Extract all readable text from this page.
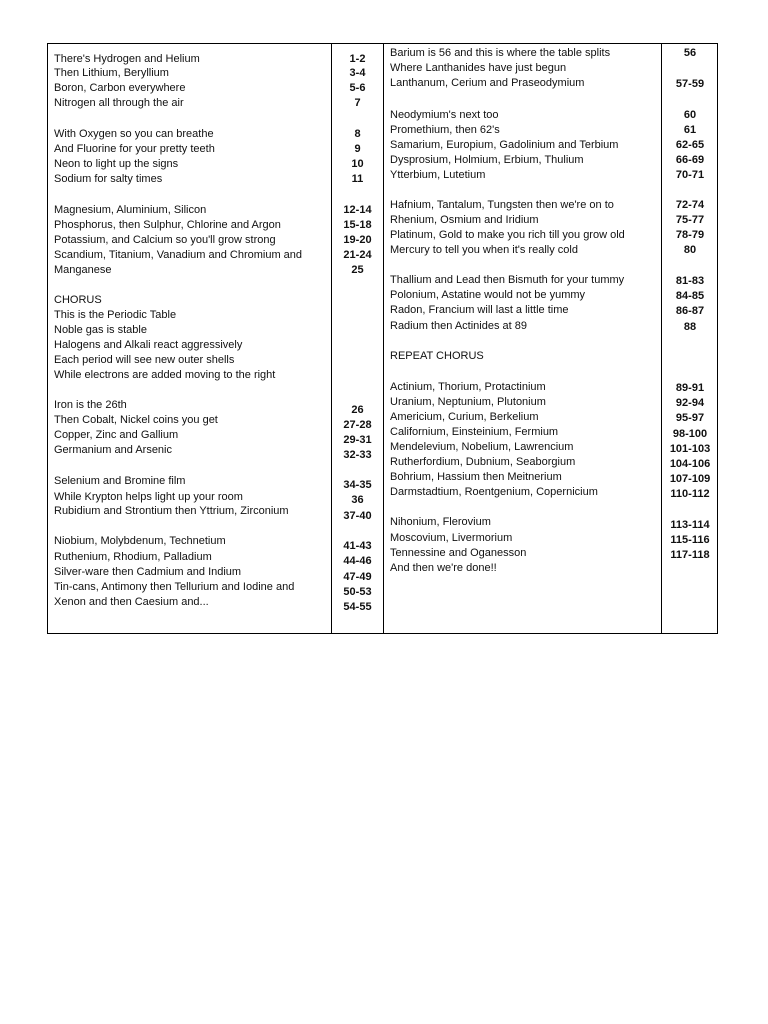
There's Hydrogen and Helium
Then Lithium, Beryllium
Boron, Carbon everywhere
Nitrogen all through the air
With Oxygen so you can breathe
And Fluorine for your pretty teeth
Neon to light up the signs
Sodium for salty times
Magnesium, Aluminium, Silicon
Phosphorus, then Sulphur, Chlorine and Argon
Potassium, and Calcium so you'll grow strong
Scandium, Titanium, Vanadium and Chromium and
Manganese
CHORUS
This is the Periodic Table
Noble gas is stable
Halogens and Alkali react aggressively
Each period will see new outer shells
While electrons are added moving to the right
Iron is the 26th
Then Cobalt, Nickel coins you get
Copper, Zinc and Gallium
Germanium and Arsenic
Selenium and Bromine film
While Krypton helps light up your room
Rubidium and Strontium then Yttrium, Zirconium
Niobium, Molybdenum, Technetium
Ruthenium, Rhodium, Palladium
Silver-ware then Cadmium and Indium
Tin-cans, Antimony then Tellurium and Iodine and
Xenon and then Caesium and...
1-2
3-4
5-6
7
8
9
10
11
12-14
15-18
19-20
21-24
25
26
27-28
29-31
32-33
34-35
36
37-40
41-43
44-46
47-49
50-53
54-55
Barium is 56 and this is where the table splits
Where Lanthanides have just begun
Lanthanum, Cerium and Praseodymium
Neodymium's next too
Promethium, then 62's
Samarium, Europium, Gadolinium and Terbium
Dysprosium, Holmium, Erbium, Thulium
Ytterbium, Lutetium
Hafnium, Tantalum, Tungsten then we're on to
Rhenium, Osmium and Iridium
Platinum, Gold to make you rich till you grow old
Mercury to tell you when it's really cold
Thallium and Lead then Bismuth for your tummy
Polonium, Astatine would not be yummy
Radon, Francium will last a little time
Radium then Actinides at 89
REPEAT CHORUS
Actinium, Thorium, Protactinium
Uranium, Neptunium, Plutonium
Americium, Curium, Berkelium
Californium, Einsteinium, Fermium
Mendelevium, Nobelium, Lawrencium
Rutherfordium, Dubnium, Seaborgium
Bohrium, Hassium then Meitnerium
Darmstadtium, Roentgenium, Copernicium
Nihonium, Flerovium
Moscovium, Livermorium
Tennessine and Oganesson
And then we're done!!
56
57-59
60
61
62-65
66-69
70-71
72-74
75-77
78-79
80
81-83
84-85
86-87
88
89-91
92-94
95-97
98-100
101-103
104-106
107-109
110-112
113-114
115-116
117-118
